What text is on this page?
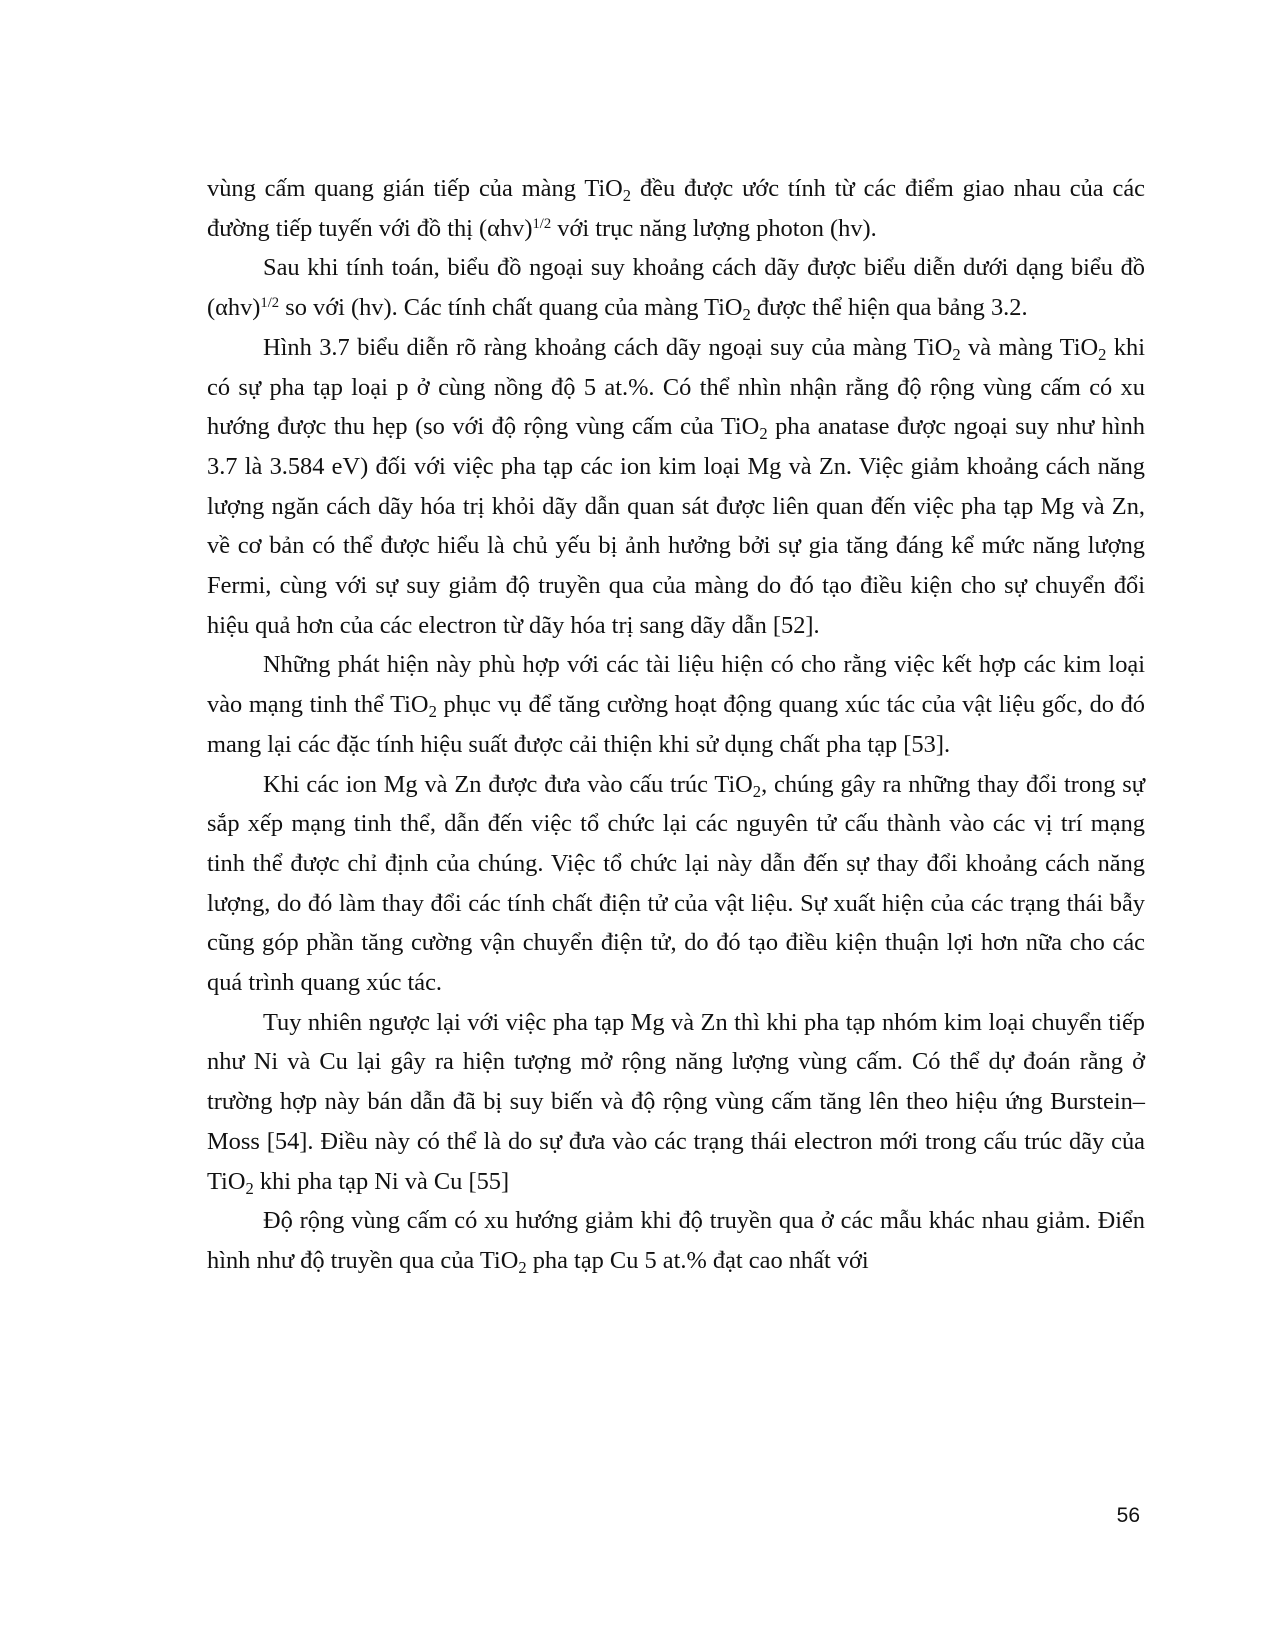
vùng cấm quang gián tiếp của màng TiO$_2$ đều được ước tính từ các điểm giao nhau của các đường tiếp tuyến với đồ thị $(\alpha hv)^{1/2}$ với trục năng lượng photon (hv).

Sau khi tính toán, biểu đồ ngoại suy khoảng cách dãy được biểu diễn dưới dạng biểu đồ $(\alpha hv)^{1/2}$ so với (hv). Các tính chất quang của màng TiO$_2$ được thể hiện qua bảng 3.2.

Hình 3.7 biểu diễn rõ ràng khoảng cách dãy ngoại suy của màng TiO$_2$ và màng TiO$_2$ khi có sự pha tạp loại p ở cùng nồng độ 5 at.%. Có thể nhìn nhận rằng độ rộng vùng cấm có xu hướng được thu hẹp (so với độ rộng vùng cấm của TiO$_2$ pha anatase được ngoại suy như hình 3.7 là 3.584 eV) đối với việc pha tạp các ion kim loại Mg và Zn. Việc giảm khoảng cách năng lượng ngăn cách dãy hóa trị khỏi dãy dẫn quan sát được liên quan đến việc pha tạp Mg và Zn, về cơ bản có thể được hiểu là chủ yếu bị ảnh hưởng bởi sự gia tăng đáng kể mức năng lượng Fermi, cùng với sự suy giảm độ truyền qua của màng do đó tạo điều kiện cho sự chuyển đổi hiệu quả hơn của các electron từ dãy hóa trị sang dãy dẫn [52].

Những phát hiện này phù hợp với các tài liệu hiện có cho rằng việc kết hợp các kim loại vào mạng tinh thể TiO$_2$ phục vụ để tăng cường hoạt động quang xúc tác của vật liệu gốc, do đó mang lại các đặc tính hiệu suất được cải thiện khi sử dụng chất pha tạp [53].

Khi các ion Mg và Zn được đưa vào cấu trúc TiO$_2$, chúng gây ra những thay đổi trong sự sắp xếp mạng tinh thể, dẫn đến việc tổ chức lại các nguyên tử cấu thành vào các vị trí mạng tinh thể được chỉ định của chúng. Việc tổ chức lại này dẫn đến sự thay đổi khoảng cách năng lượng, do đó làm thay đổi các tính chất điện tử của vật liệu. Sự xuất hiện của các trạng thái bẫy cũng góp phần tăng cường vận chuyển điện tử, do đó tạo điều kiện thuận lợi hơn nữa cho các quá trình quang xúc tác.

Tuy nhiên ngược lại với việc pha tạp Mg và Zn thì khi pha tạp nhóm kim loại chuyển tiếp như Ni và Cu lại gây ra hiện tượng mở rộng năng lượng vùng cấm. Có thể dự đoán rằng ở trường hợp này bán dẫn đã bị suy biến và độ rộng vùng cấm tăng lên theo hiệu ứng Burstein–Moss [54]. Điều này có thể là do sự đưa vào các trạng thái electron mới trong cấu trúc dãy của TiO$_2$ khi pha tạp Ni và Cu [55]

Độ rộng vùng cấm có xu hướng giảm khi độ truyền qua ở các mẫu khác nhau giảm. Điển hình như độ truyền qua của TiO$_2$ pha tạp Cu 5 at.% đạt cao nhất với

56
